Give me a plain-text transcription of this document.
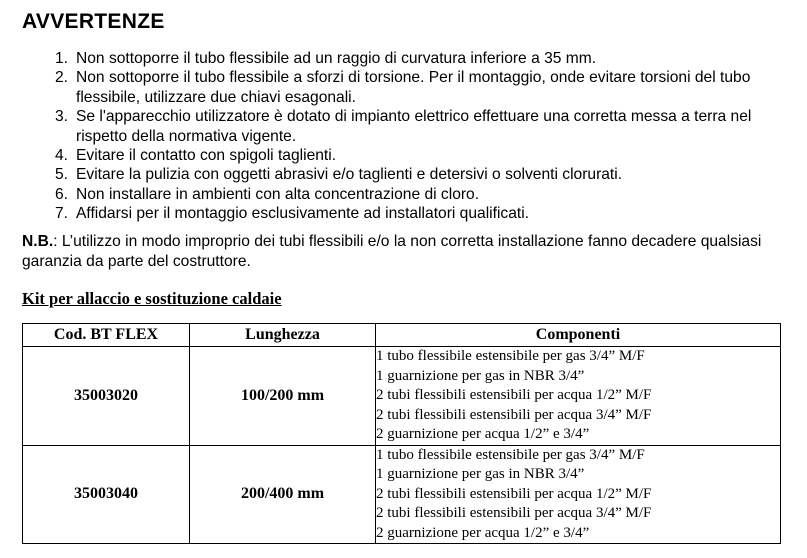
AVVERTENZE
1. Non sottoporre il tubo flessibile ad un raggio di curvatura inferiore a 35 mm.
2. Non sottoporre il tubo flessibile a sforzi di torsione. Per il montaggio, onde evitare torsioni del tubo flessibile, utilizzare due chiavi esagonali.
3. Se l'apparecchio utilizzatore è dotato di impianto elettrico effettuare una corretta messa a terra nel rispetto della normativa vigente.
4. Evitare il contatto con spigoli taglienti.
5. Evitare la pulizia con oggetti abrasivi e/o taglienti e detersivi o solventi clorurati.
6. Non installare in ambienti con alta concentrazione di cloro.
7. Affidarsi per il montaggio esclusivamente ad installatori qualificati.
N.B.: L’utilizzo in modo improprio dei tubi flessibili e/o la non corretta installazione fanno decadere qualsiasi garanzia da parte del costruttore.
Kit per allaccio e sostituzione caldaie
Cod. BT FLEX	Lunghezza	Componenti
35003020	100/200 mm	1 tubo flessibile estensibile per gas 3/4” M/F
1 guarnizione per gas in NBR 3/4”
2 tubi flessibili estensibili per acqua 1/2” M/F
2 tubi flessibili estensibili per acqua 3/4” M/F
2 guarnizione per acqua 1/2” e 3/4”

35003040	200/400 mm	1 tubo flessibile estensibile per gas 3/4” M/F
1 guarnizione per gas in NBR 3/4”
2 tubi flessibili estensibili per acqua 1/2” M/F
2 tubi flessibili estensibili per acqua 3/4” M/F
2 guarnizione per acqua 1/2” e 3/4”
